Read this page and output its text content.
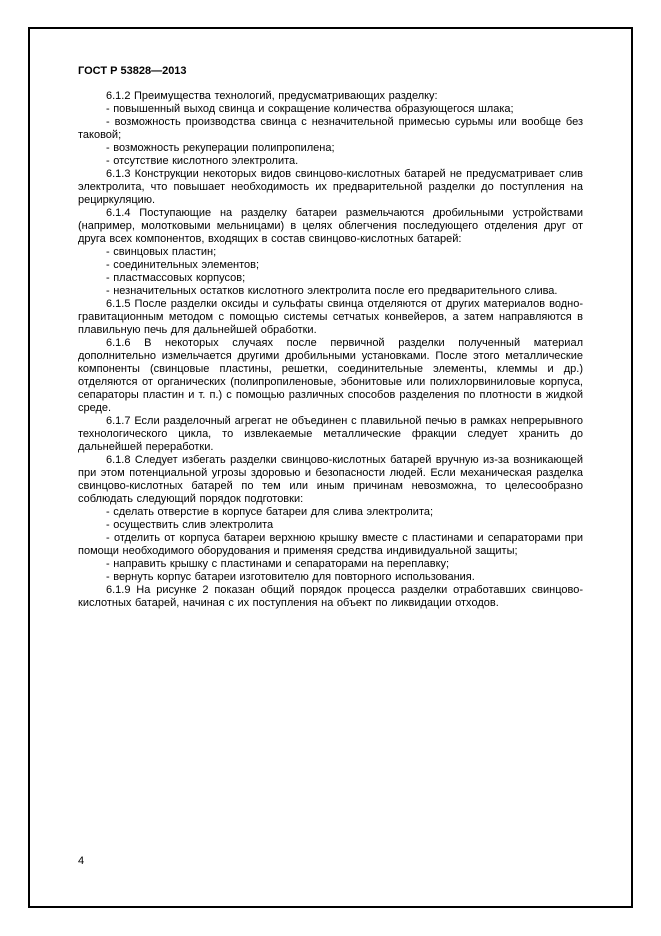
ГОСТ Р 53828—2013

6.1.2 Преимущества технологий, предусматривающих разделку:

- повышенный выход свинца и сокращение количества образующегося шлака;

- возможность производства свинца с незначительной примесью сурьмы или вообще без таковой;

- возможность рекуперации полипропилена;

- отсутствие кислотного электролита.

6.1.3 Конструкции некоторых видов свинцово-кислотных батарей не предусматривает слив электролита, что повышает необходимость их предварительной разделки до поступления на рециркуляцию.

6.1.4 Поступающие на разделку батареи размельчаются дробильными устройствами (например, молотковыми мельницами) в целях облегчения последующего отделения друг от друга всех компонентов, входящих в состав свинцово-кислотных батарей:

- свинцовых пластин;

- соединительных элементов;

- пластмассовых корпусов;

- незначительных остатков кислотного электролита после его предварительного слива.

6.1.5 После разделки оксиды и сульфаты свинца отделяются от других материалов водно-гравитационным методом с помощью системы сетчатых конвейеров, а затем направляются в плавильную печь для дальнейшей обработки.

6.1.6 В некоторых случаях после первичной разделки полученный материал дополнительно измельчается другими дробильными установками. После этого металлические компоненты (свинцовые пластины, решетки, соединительные элементы, клеммы и др.) отделяются от органических (полипропиленовые, эбонитовые или полихлорвиниловые корпуса, сепараторы пластин и т. п.) с помощью различных способов разделения по плотности в жидкой среде.

6.1.7 Если разделочный агрегат не объединен с плавильной печью в рамках непрерывного технологического цикла, то извлекаемые металлические фракции следует хранить до дальнейшей переработки.

6.1.8 Следует избегать разделки свинцово-кислотных батарей вручную из-за возникающей при этом потенциальной угрозы здоровью и безопасности людей. Если механическая разделка свинцово-кислотных батарей по тем или иным причинам невозможна, то целесообразно соблюдать следующий порядок подготовки:

- сделать отверстие в корпусе батареи для слива электролита;

- осуществить слив электролита

- отделить от корпуса батареи верхнюю крышку вместе с пластинами и сепараторами при помощи необходимого оборудования и применяя средства индивидуальной защиты;

- направить крышку с пластинами и сепараторами на переплавку;

- вернуть корпус батареи изготовителю для повторного использования.

6.1.9 На рисунке 2 показан общий порядок процесса разделки отработавших свинцово-кислотных батарей, начиная с их поступления на объект по ликвидации отходов.

4
